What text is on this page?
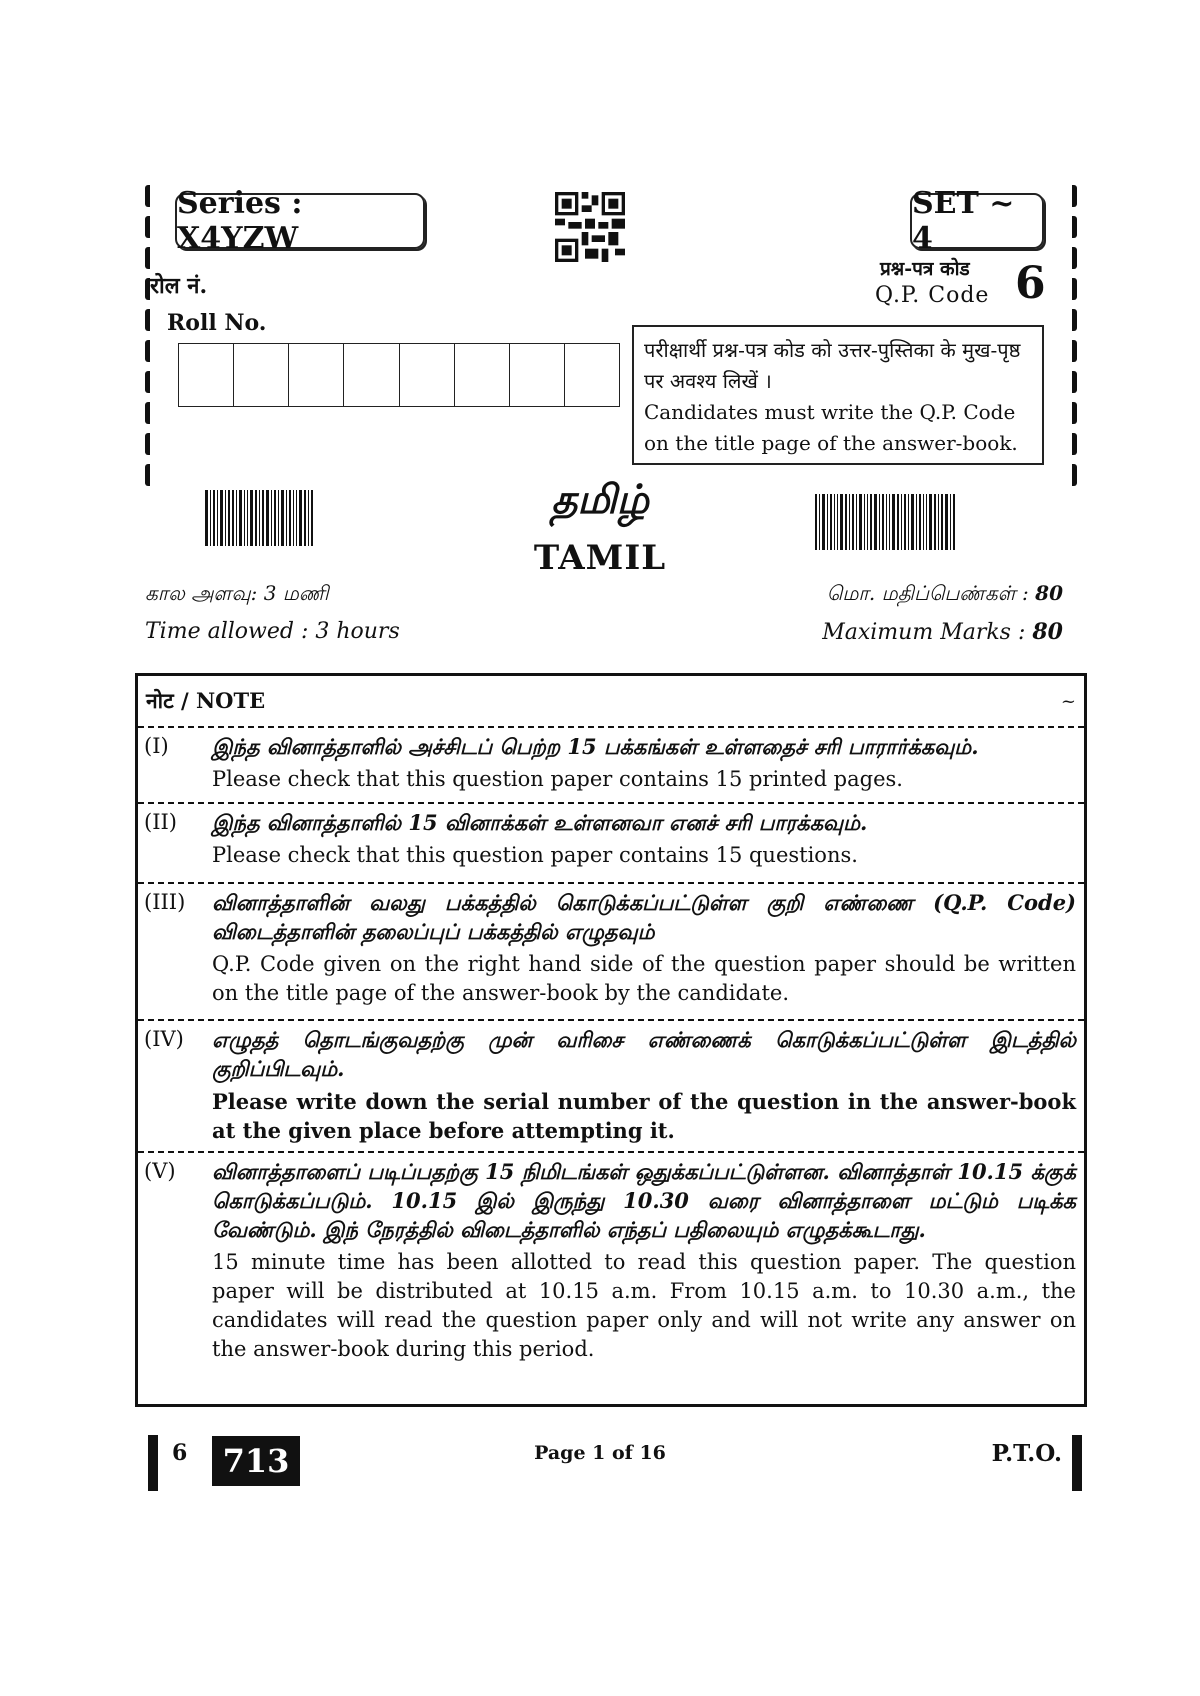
Series : X4YZW
SET ~ 4
रोल नं.
Roll No.
प्रश्न-पत्र कोड
Q.P. Code 6
परीक्षार्थी प्रश्न-पत्र कोड को उत्तर-पुस्तिका के मुख-पृष्ठ पर अवश्य लिखें ।
Candidates must write the Q.P. Code on the title page of the answer-book.
தமிழ்
TAMIL
கால அளவு: 3 மணி
Time allowed : 3 hours
மொ. மதிப்பெண்கள் : 80
Maximum Marks : 80
नोट / NOTE	~
(I)	இந்த வினாத்தாளில் அச்சிடப் பெற்ற 15 பக்கங்கள் உள்ளதைச் சரி பாரார்க்கவும்.
Please check that this question paper contains 15 printed pages.
(II)	இந்த வினாத்தாளில் 15 வினாக்கள் உள்ளனவா எனச் சரி பாரக்கவும்.
Please check that this question paper contains 15 questions.
(III)	வினாத்தாளின் வலது பக்கத்தில் கொடுக்கப்பட்டுள்ள குறி எண்ணை (Q.P. Code) விடைத்தாளின் தலைப்புப் பக்கத்தில் எழுதவும்
Q.P. Code given on the right hand side of the question paper should be written on the title page of the answer-book by the candidate.
(IV)	எழுதத் தொடங்குவதற்கு முன் வரிசை எண்ணைக் கொடுக்கப்பட்டுள்ள இடத்தில் குறிப்பிடவும்.
Please write down the serial number of the question in the answer-book at the given place before attempting it.
(V)	வினாத்தாளைப் படிப்பதற்கு 15 நிமிடங்கள் ஒதுக்கப்பட்டுள்ளன. வினாத்தாள் 10.15 க்குக் கொடுக்கப்படும். 10.15 இல் இருந்து 10.30 வரை வினாத்தாளை மட்டும் படிக்க வேண்டும். இந் நேரத்தில் விடைத்தாளில் எந்தப் பதிலையும் எழுதக்கூடாது.
15 minute time has been allotted to read this question paper. The question paper will be distributed at 10.15 a.m. From 10.15 a.m. to 10.30 a.m., the candidates will read the question paper only and will not write any answer on the answer-book during this period.
6	713	Page 1 of 16	P.T.O.
